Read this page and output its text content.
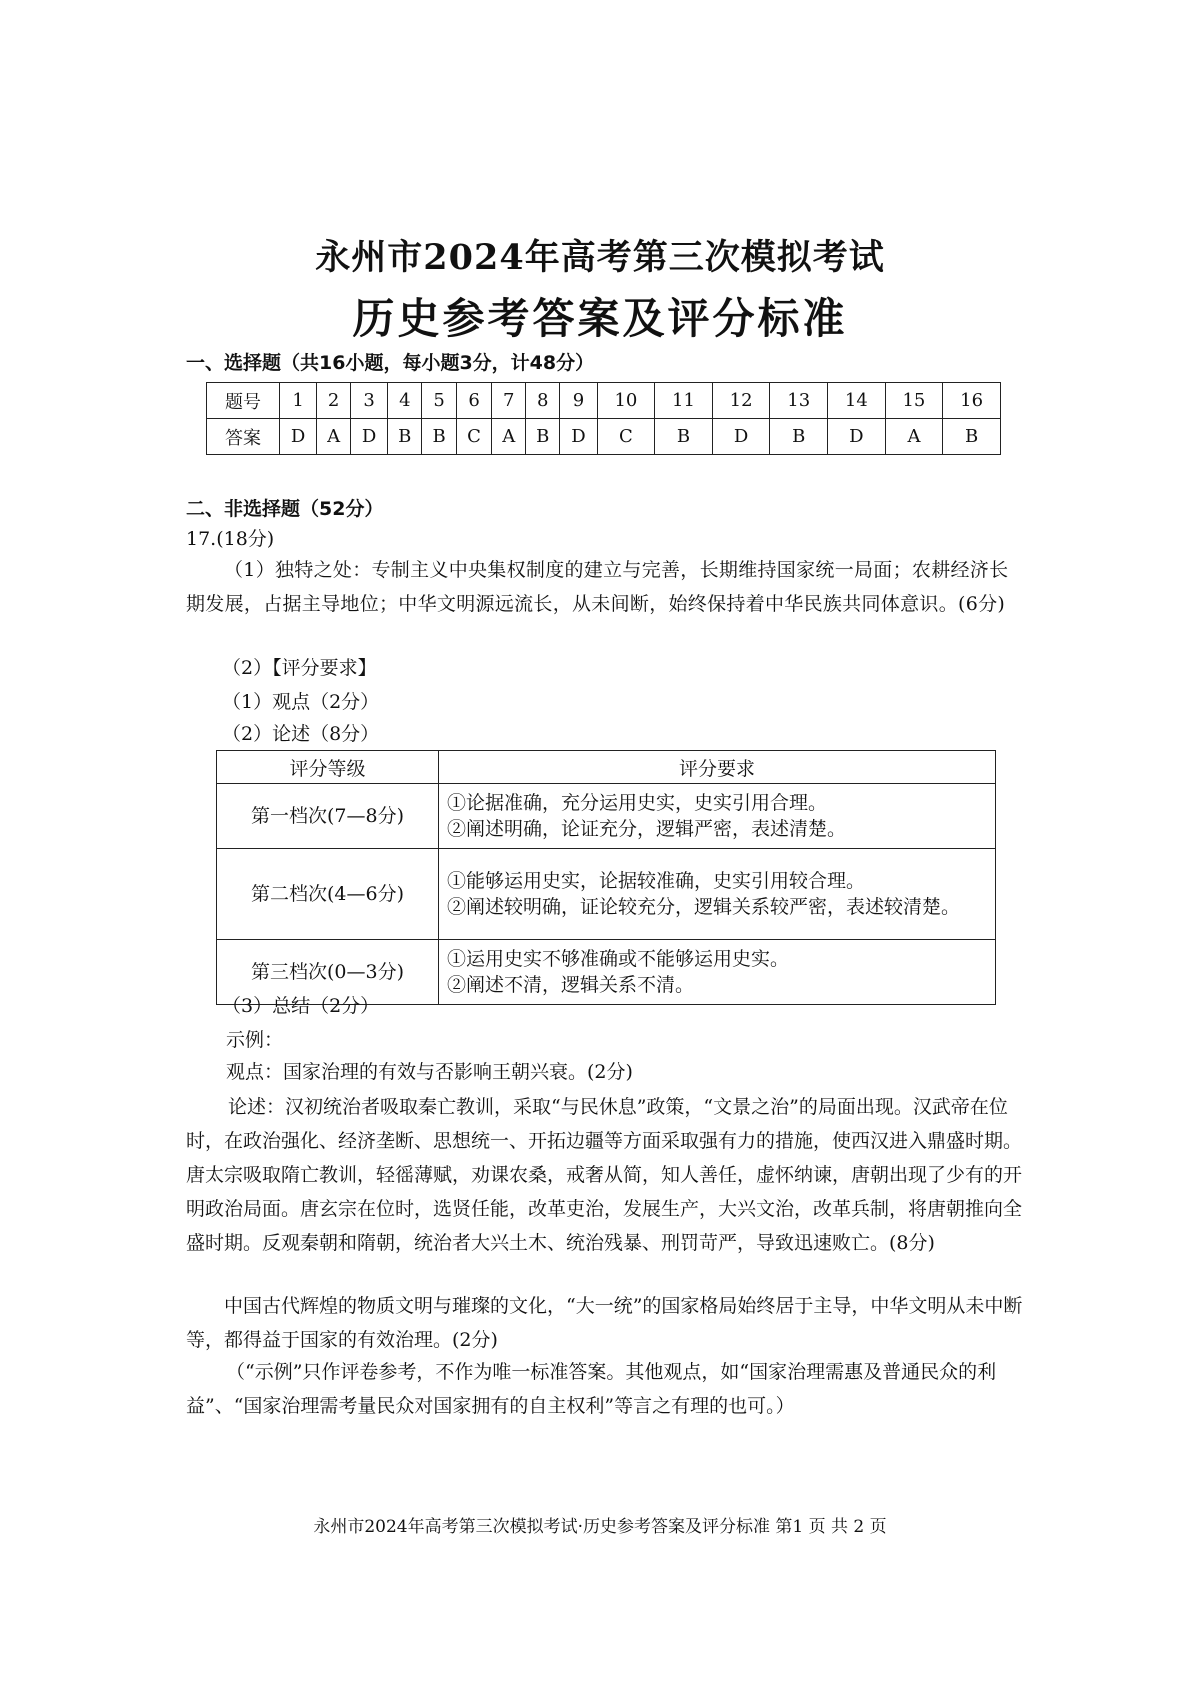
永州市2024年高考第三次模拟考试
历史参考答案及评分标准
一、选择题（共16小题，每小题3分，计48分）
题号	1	2	3	4	5	6	7	8	9	10	11	12	13	14	15	16
答案	D	A	D	B	B	C	A	B	D	C	B	D	B	D	A	B
二、非选择题（52分）
17.(18分)
（1）独特之处：专制主义中央集权制度的建立与完善，长期维持国家统一局面；农耕经济长期发展，占据主导地位；中华文明源远流长，从未间断，始终保持着中华民族共同体意识。(6分)
（2）【评分要求】
（1）观点（2分）
（2）论述（8分）
评分等级	评分要求
第一档次(7—8分)	①论据准确，充分运用史实，史实引用合理。
②阐述明确，论证充分，逻辑严密，表述清楚。

第二档次(4—6分)	①能够运用史实，论据较准确，史实引用较合理。
②阐述较明确，证论较充分，逻辑关系较严密，表述较清楚。

第三档次(0—3分)	①运用史实不够准确或不能够运用史实。
②阐述不清，逻辑关系不清。
（3）总结（2分）
示例：
观点：国家治理的有效与否影响王朝兴衰。(2分)
论述：汉初统治者吸取秦亡教训，采取“与民休息”政策，“文景之治”的局面出现。汉武帝在位时，在政治强化、经济垄断、思想统一、开拓边疆等方面采取强有力的措施，使西汉进入鼎盛时期。唐太宗吸取隋亡教训，轻徭薄赋，劝课农桑，戒奢从简，知人善任，虚怀纳谏，唐朝出现了少有的开明政治局面。唐玄宗在位时，选贤任能，改革吏治，发展生产，大兴文治，改革兵制，将唐朝推向全盛时期。反观秦朝和隋朝，统治者大兴土木、统治残暴、刑罚苛严，导致迅速败亡。(8分)
中国古代辉煌的物质文明与璀璨的文化，“大一统”的国家格局始终居于主导，中华文明从未中断等，都得益于国家的有效治理。(2分)
（“示例”只作评卷参考，不作为唯一标准答案。其他观点，如“国家治理需惠及普通民众的利益”、“国家治理需考量民众对国家拥有的自主权利”等言之有理的也可。）
永州市2024年高考第三次模拟考试·历史参考答案及评分标准 第1 页 共 2 页
